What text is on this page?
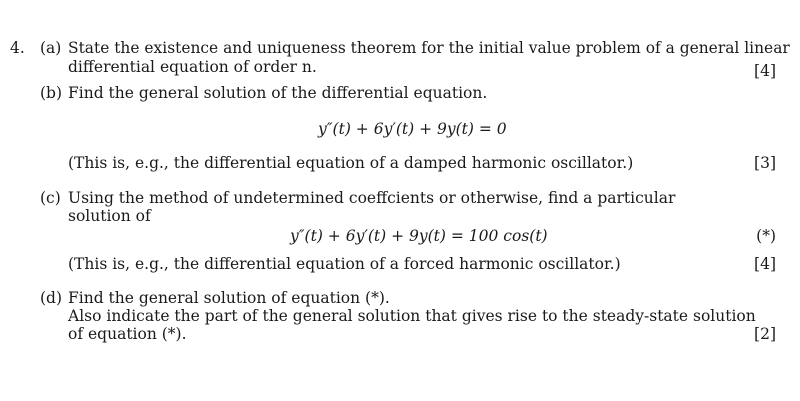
4. (a) State the existence and uniqueness theorem for the initial value problem of a general linear
differential equation of order n.	[4]
(b) Find the general solution of the differential equation.
y″(t) + 6y′(t) + 9y(t) = 0
(This is, e.g., the differential equation of a damped harmonic oscillator.)	[3]
(c) Using the method of undetermined coeffcients or otherwise, find a particular
solution of
y″(t) + 6y′(t) + 9y(t) = 100 cos(t)	(*)
(This is, e.g., the differential equation of a forced harmonic oscillator.)	[4]
(d) Find the general solution of equation (*).
Also indicate the part of the general solution that gives rise to the steady-state solution
of equation (*).	[2]
